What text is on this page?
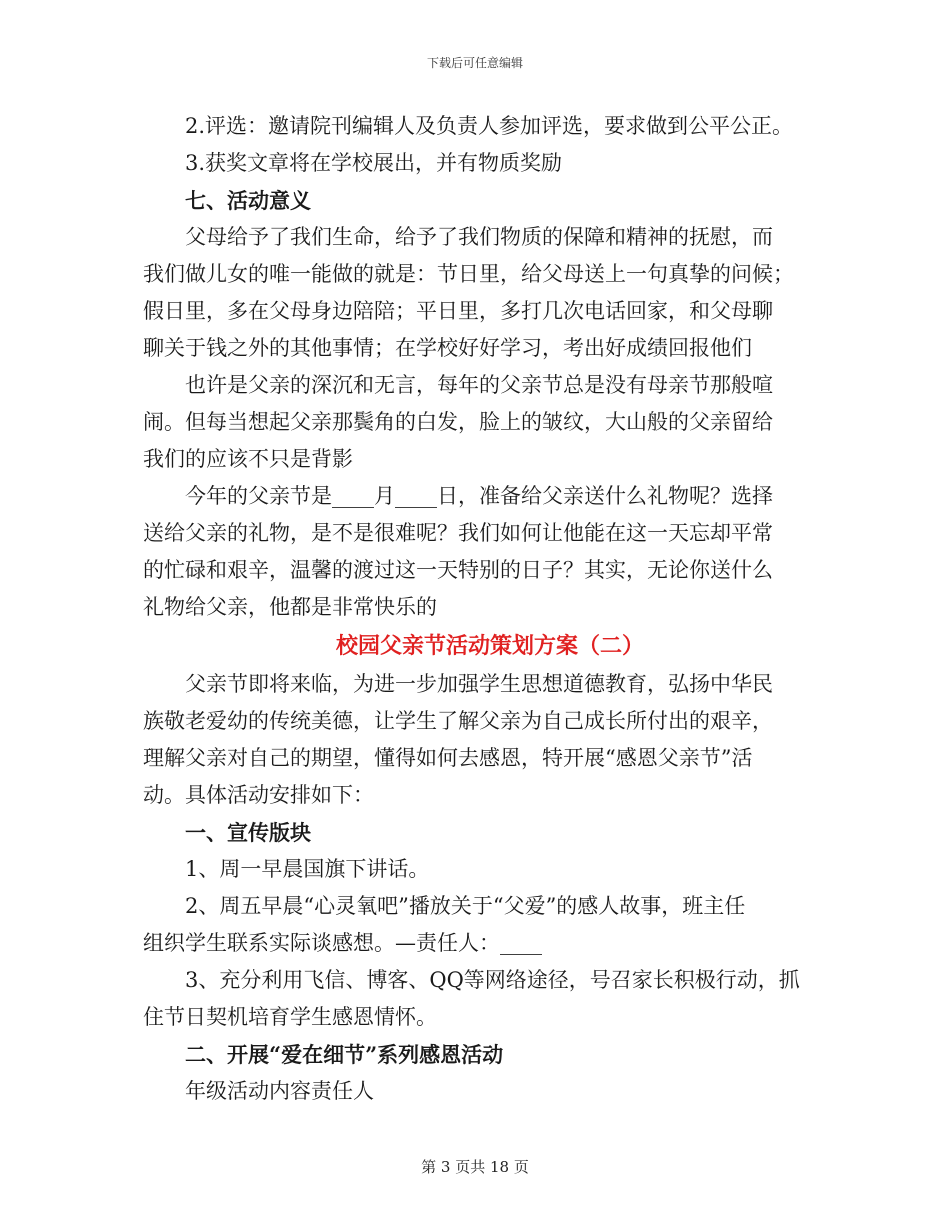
下载后可任意编辑
2.评选：邀请院刊编辑人及负责人参加评选，要求做到公平公正。
3.获奖文章将在学校展出，并有物质奖励
七、活动意义
父母给予了我们生命，给予了我们物质的保障和精神的抚慰，而
我们做儿女的唯一能做的就是：节日里，给父母送上一句真挚的问候；
假日里，多在父母身边陪陪；平日里，多打几次电话回家，和父母聊
聊关于钱之外的其他事情；在学校好好学习，考出好成绩回报他们
也许是父亲的深沉和无言，每年的父亲节总是没有母亲节那般喧
闹。但每当想起父亲那鬓角的白发，脸上的皱纹，大山般的父亲留给
我们的应该不只是背影
今年的父亲节是____月____日，准备给父亲送什么礼物呢？选择
送给父亲的礼物，是不是很难呢？我们如何让他能在这一天忘却平常
的忙碌和艰辛，温馨的渡过这一天特别的日子？其实，无论你送什么
礼物给父亲，他都是非常快乐的
校园父亲节活动策划方案（二）
父亲节即将来临，为进一步加强学生思想道德教育，弘扬中华民
族敬老爱幼的传统美德，让学生了解父亲为自己成长所付出的艰辛，
理解父亲对自己的期望，懂得如何去感恩，特开展“感恩父亲节”活
动。具体活动安排如下：
一、宣传版块
1、周一早晨国旗下讲话。
2、周五早晨“心灵氧吧”播放关于“父爱”的感人故事，班主任
组织学生联系实际谈感想。—责任人：____
3、充分利用飞信、博客、QQ等网络途径，号召家长积极行动，抓
住节日契机培育学生感恩情怀。
二、开展“爱在细节”系列感恩活动
年级活动内容责任人
第 3 页共 18 页
